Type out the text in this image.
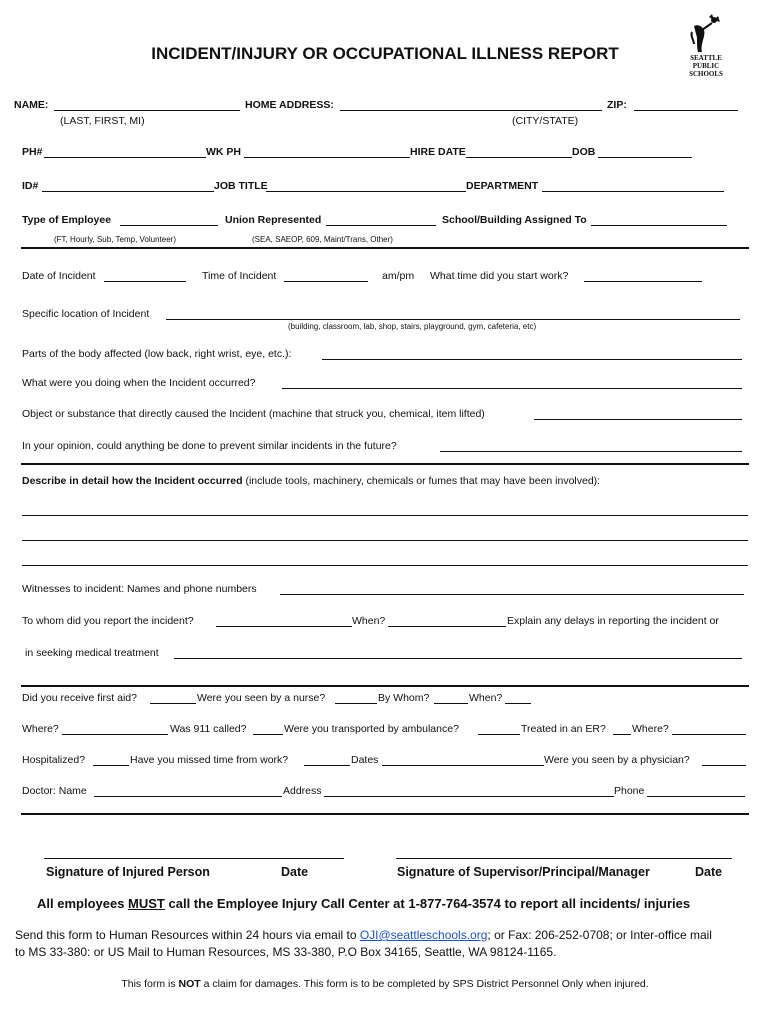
INCIDENT/INJURY OR OCCUPATIONAL ILLNESS REPORT	SEATTLE
PUBLIC
SCHOOLS
NAME:	HOME ADDRESS:	ZIP:
(LAST, FIRST, MI)	(CITY/STATE)
PH#	WK PH	HIRE DATE	DOB
ID#	JOB TITLE	DEPARTMENT
Type of Employee	Union Represented	School/Building Assigned To
(FT, Hourly, Sub, Temp, Volunteer)	(SEA, SAEOP, 609, Maint/Trans, Other)
Date of Incident	Time of Incident	am/pm What time did you start work?
Specific location of Incident
(building, classroom, lab, shop, stairs, playground, gym, cafeteria, etc)
Parts of the body affected (low back, right wrist, eye, etc.):
What were you doing when the Incident occurred?
Object or substance that directly caused the Incident (machine that struck you, chemical, item lifted)
In your opinion, could anything be done to prevent similar incidents in the future?
Describe in detail how the Incident occurred (include tools, machinery, chemicals or fumes that may have been involved):
Witnesses to incident: Names and phone numbers
To whom did you report the incident?	When?	Explain any delays in reporting the incident or
in seeking medical treatment
Did you receive first aid?	Were you seen by a nurse?	By Whom?	When?
Where?	Was 911 called?	Were you transported by ambulance?	Treated in an ER? Where?
Hospitalized?	Have you missed time from work?	Dates	Were you seen by a physician?
Doctor: Name	Address	Phone
Signature of Injured Person	Date	Signature of Supervisor/Principal/Manager	Date
All employees MUST call the Employee Injury Call Center at 1-877-764-3574 to report all incidents/ injuries
Send this form to Human Resources within 24 hours via email to OJI@seattleschools.org; or Fax: 206-252-0708; or Inter-office mail
to MS 33-380: or US Mail to Human Resources, MS 33-380, P.O Box 34165, Seattle, WA 98124-1165.
This form is NOT a claim for damages. This form is to be completed by SPS District Personnel Only when injured.
